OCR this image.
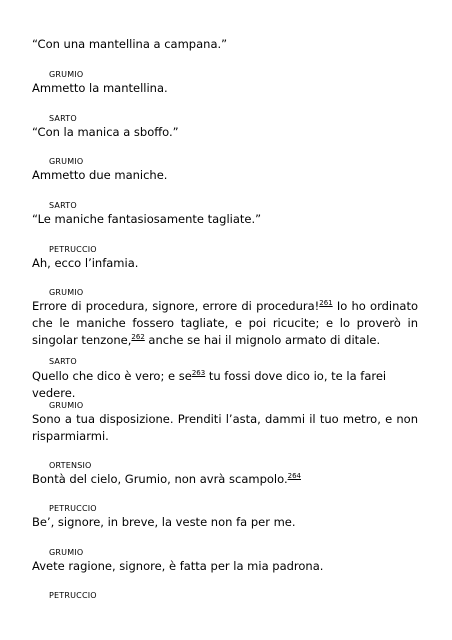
“Con una mantellina a campana.”
GRUMIO
Ammetto la mantellina.
SARTO
“Con la manica a sboffo.”
GRUMIO
Ammetto due maniche.
SARTO
“Le maniche fantasiosamente tagliate.”
PETRUCCIO
Ah, ecco l’infamia.
GRUMIO
Errore di procedura, signore, errore di procedura!$^{261}$ Io ho ordinato che le maniche fossero tagliate, e poi ricucite; e lo proverò in singolar tenzone,$^{262}$ anche se hai il mignolo armato di ditale.
SARTO
Quello che dico è vero; e se$^{263}$ tu fossi dove dico io, te la farei vedere.
GRUMIO
Sono a tua disposizione. Prenditi l’asta, dammi il tuo metro, e non risparmiarmi.
ORTENSIO
Bontà del cielo, Grumio, non avrà scampolo.$^{264}$
PETRUCCIO
Be’, signore, in breve, la veste non fa per me.
GRUMIO
Avete ragione, signore, è fatta per la mia padrona.
PETRUCCIO
